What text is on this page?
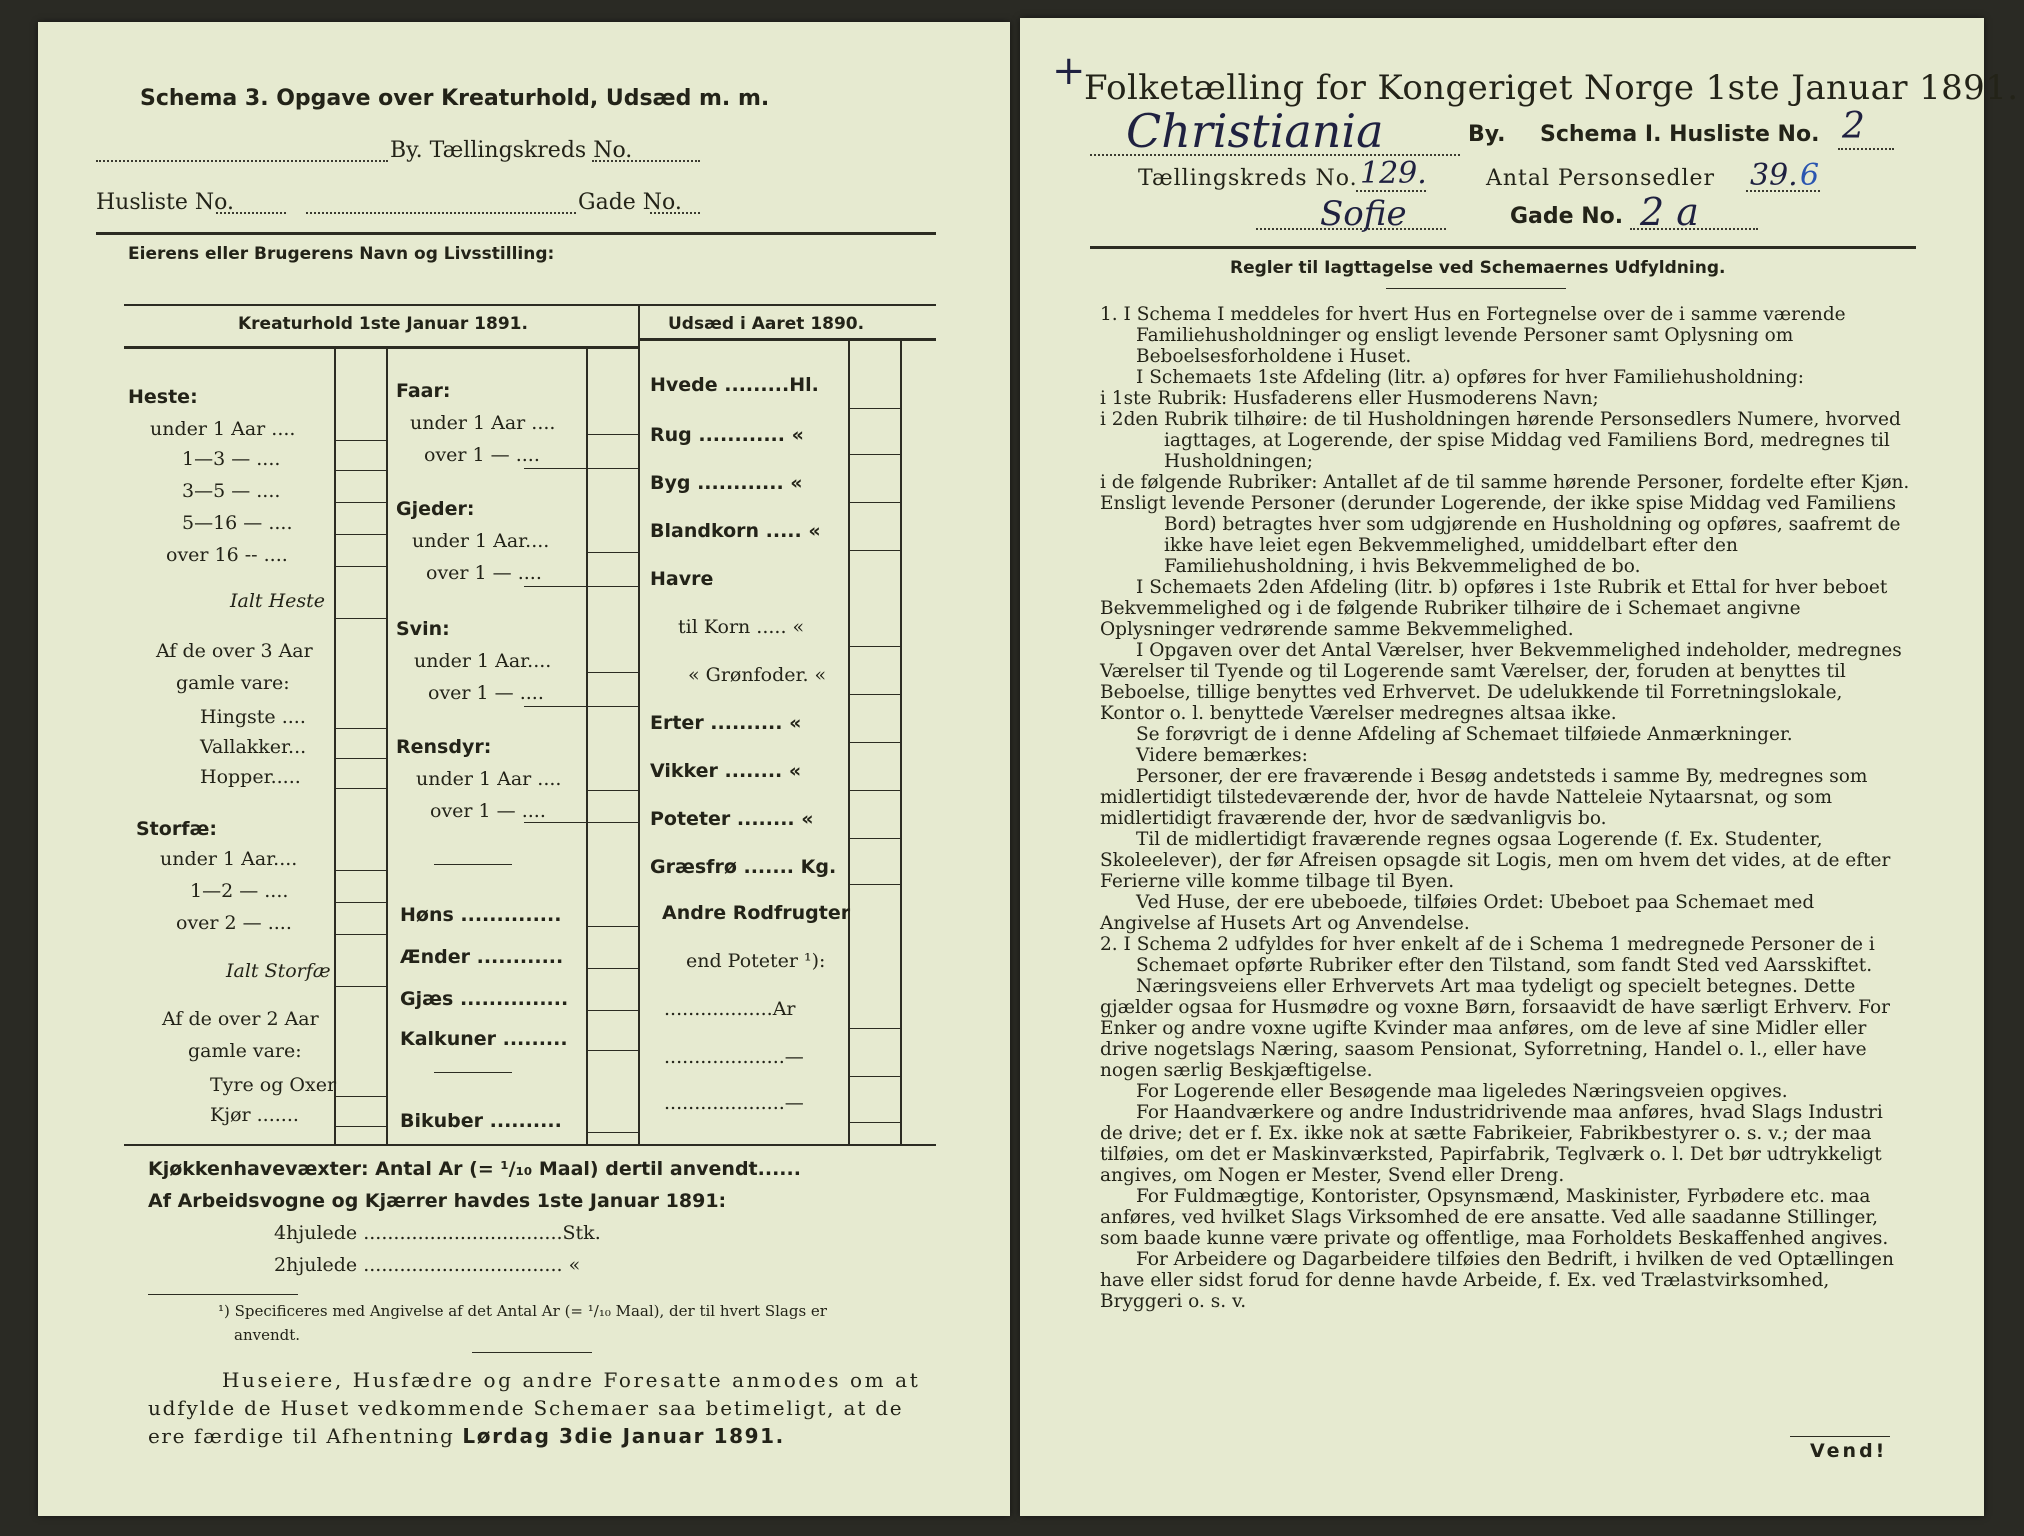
Schema 3. Opgave over Kreaturhold, Udsæd m. m.
By. Tællingskreds No.
Husliste No.	Gade No.
Eierens eller Brugerens Navn og Livsstilling:
Kreaturhold 1ste Januar 1891.	Udsæd i Aaret 1890.
Heste:
under 1 Aar ....
1—3 — ....
3—5 — ....
5—16 — ....
over 16 -- ....
Ialt Heste
Af de over 3 Aar
gamle vare:
Hingste ....
Vallakker...
Hopper.....
Storfæ:
under 1 Aar....
1—2 — ....
over 2 — ....
Ialt Storfæ
Af de over 2 Aar
gamle vare:
Tyre og Oxer
Kjør .......
Faar:
under 1 Aar ....
over 1 — ....
Gjeder:
under 1 Aar....
over 1 — ....
Svin:
under 1 Aar....
over 1 — ....
Rensdyr:
under 1 Aar ....
over 1 — ....
Høns ..............
Ænder ............
Gjæs ...............
Kalkuner .........
Bikuber ..........
Hvede .........Hl.
Rug ............ «
Byg ............ «
Blandkorn ..... «
Havre
til Korn ..... «
« Grønfoder. «
Erter .......... «
Vikker ........ «
Poteter ........ «
Græsfrø ....... Kg.
Andre Rodfrugter
end Poteter ¹):
..................Ar
....................—
....................—
Kjøkkenhavevæxter: Antal Ar (= ¹/₁₀ Maal) dertil anvendt......
Af Arbeidsvogne og Kjærrer havdes 1ste Januar 1891:
4hjulede .................................Stk.
2hjulede ................................. «
¹) Specificeres med Angivelse af det Antal Ar (= ¹/₁₀ Maal), der til hvert Slags er
anvendt.
Huseiere, Husfædre og andre Foresatte anmodes om at
udfylde de Huset vedkommende Schemaer saa betimeligt, at de
ere færdige til Afhentning Lørdag 3die Januar 1891.
+
Folketælling for Kongeriget Norge 1ste Januar 1891.
Christiania	By. Schema I. Husliste No. 2
Tællingskreds No. 129.	Antal Personsedler 39. 6
Sofie	Gade No. 2 a
Regler til Iagttagelse ved Schemaernes Udfyldning.

1. I Schema I meddeles for hvert Hus en Fortegnelse over de i samme værende Familiehusholdninger og ensligt levende Personer samt Oplysning om Beboelsesforholdene i Huset.

I Schemaets 1ste Afdeling (litr. a) opføres for hver Familiehusholdning:

i 1ste Rubrik: Husfaderens eller Husmoderens Navn;

i 2den Rubrik tilhøire: de til Husholdningen hørende Personsedlers Numere, hvorved iagttages, at Logerende, der spise Middag ved Familiens Bord, medregnes til Husholdningen;

i de følgende Rubriker: Antallet af de til samme hørende Personer, fordelte efter Kjøn.

Ensligt levende Personer (derunder Logerende, der ikke spise Middag ved Familiens Bord) betragtes hver som udgjørende en Husholdning og opføres, saafremt de ikke have leiet egen Bekvemmelighed, umiddelbart efter den Familiehusholdning, i hvis Bekvemmelighed de bo.

I Schemaets 2den Afdeling (litr. b) opføres i 1ste Rubrik et Ettal for hver beboet Bekvemmelighed og i de følgende Rubriker tilhøire de i Schemaet angivne Oplysninger vedrørende samme Bekvemmelighed.

I Opgaven over det Antal Værelser, hver Bekvemmelighed indeholder, medregnes Værelser til Tyende og til Logerende samt Værelser, der, foruden at benyttes til Beboelse, tillige benyttes ved Erhvervet. De udelukkende til Forretningslokale, Kontor o. l. benyttede Værelser medregnes altsaa ikke.

Se forøvrigt de i denne Afdeling af Schemaet tilføiede Anmærkninger.

Videre bemærkes:

Personer, der ere fraværende i Besøg andetsteds i samme By, medregnes som midlertidigt tilstedeværende der, hvor de havde Natteleie Nytaarsnat, og som midlertidigt fraværende der, hvor de sædvanligvis bo.

Til de midlertidigt fraværende regnes ogsaa Logerende (f. Ex. Studenter, Skoleelever), der før Afreisen opsagde sit Logis, men om hvem det vides, at de efter Ferierne ville komme tilbage til Byen.

Ved Huse, der ere ubeboede, tilføies Ordet: Ubeboet paa Schemaet med Angivelse af Husets Art og Anvendelse.

2. I Schema 2 udfyldes for hver enkelt af de i Schema 1 medregnede Personer de i Schemaet opførte Rubriker efter den Tilstand, som fandt Sted ved Aarsskiftet.

Næringsveiens eller Erhvervets Art maa tydeligt og specielt betegnes. Dette gjælder ogsaa for Husmødre og voxne Børn, forsaavidt de have særligt Erhverv. For Enker og andre voxne ugifte Kvinder maa anføres, om de leve af sine Midler eller drive nogetslags Næring, saasom Pensionat, Syforretning, Handel o. l., eller have nogen særlig Beskjæftigelse.

For Logerende eller Besøgende maa ligeledes Næringsveien opgives.

For Haandværkere og andre Industridrivende maa anføres, hvad Slags Industri de drive; det er f. Ex. ikke nok at sætte Fabrikeier, Fabrikbestyrer o. s. v.; der maa tilføies, om det er Maskinværksted, Papirfabrik, Teglværk o. l. Det bør udtrykkeligt angives, om Nogen er Mester, Svend eller Dreng.

For Fuldmægtige, Kontorister, Opsynsmænd, Maskinister, Fyrbødere etc. maa anføres, ved hvilket Slags Virksomhed de ere ansatte. Ved alle saadanne Stillinger, som baade kunne være private og offentlige, maa Forholdets Beskaffenhed angives.

For Arbeidere og Dagarbeidere tilføies den Bedrift, i hvilken de ved Optællingen have eller sidst forud for denne havde Arbeide, f. Ex. ved Trælastvirksomhed, Bryggeri o. s. v.

Vend!
